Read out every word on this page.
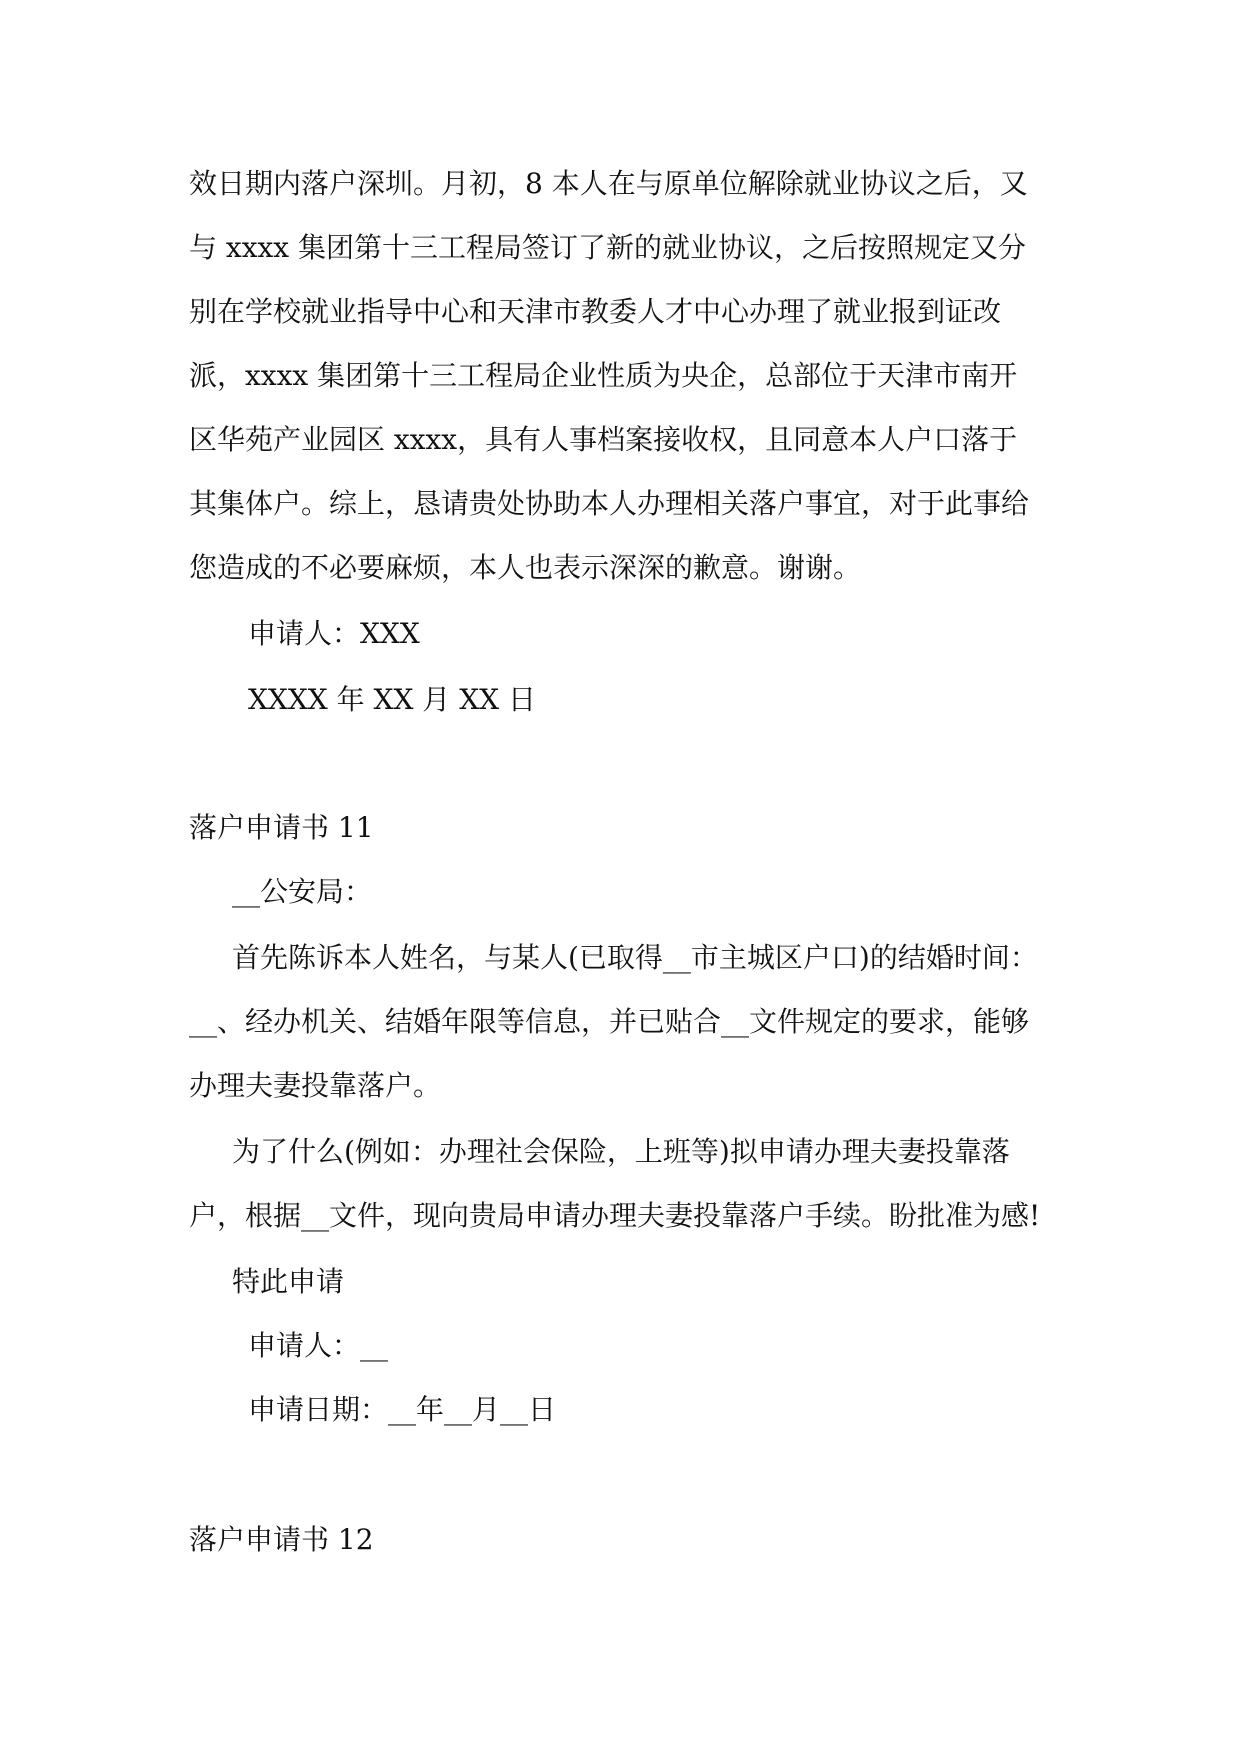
效日期内落户深圳。月初，8 本人在与原单位解除就业协议之后，又
与 xxxx 集团第十三工程局签订了新的就业协议，之后按照规定又分
别在学校就业指导中心和天津市教委人才中心办理了就业报到证改
派，xxxx 集团第十三工程局企业性质为央企，总部位于天津市南开
区华苑产业园区 xxxx，具有人事档案接收权，且同意本人户口落于
其集体户。综上，恳请贵处协助本人办理相关落户事宜，对于此事给
您造成的不必要麻烦，本人也表示深深的歉意。谢谢。
申请人：XXX
XXXX 年 XX 月 XX 日
落户申请书 11
__公安局：
首先陈诉本人姓名，与某人(已取得__市主城区户口)的结婚时间：
__、经办机关、结婚年限等信息，并已贴合__文件规定的要求，能够
办理夫妻投靠落户。
为了什么(例如：办理社会保险，上班等)拟申请办理夫妻投靠落
户，根据__文件，现向贵局申请办理夫妻投靠落户手续。盼批准为感!
特此申请
申请人：__
申请日期：__年__月__日
落户申请书 12
